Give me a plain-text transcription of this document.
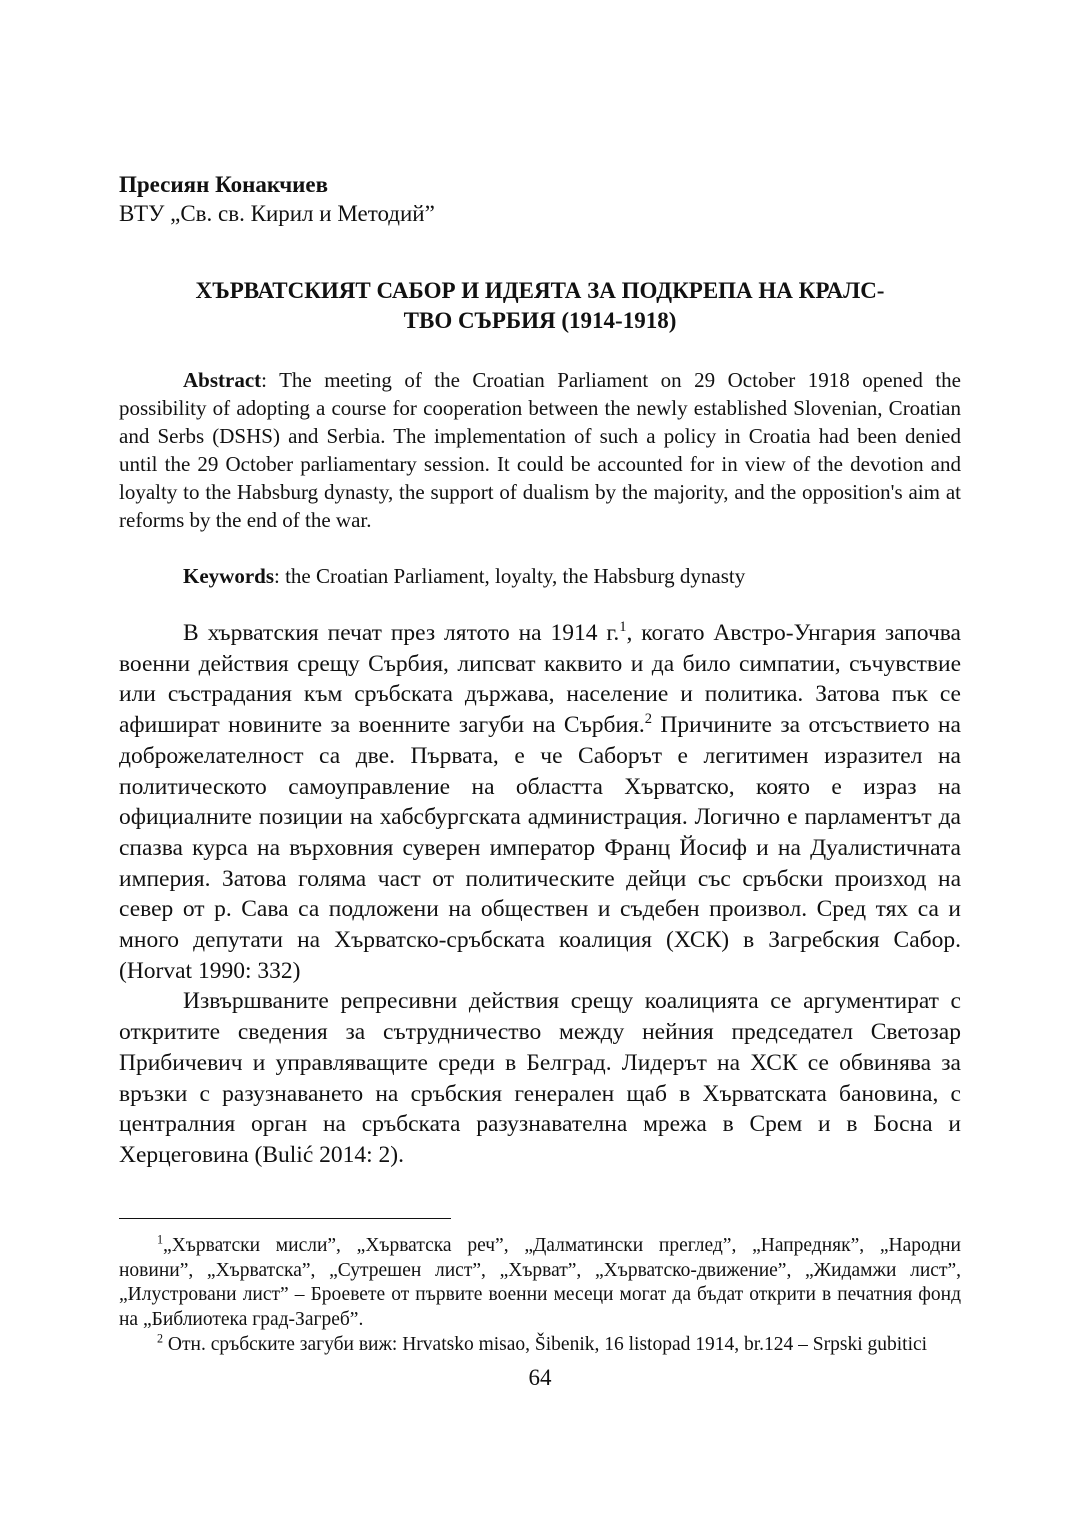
Пресиян Конакчиев
ВТУ „Св. св. Кирил и Методий”
ХЪРВАТСКИЯТ САБОР И ИДЕЯТА ЗА ПОДКРЕПА НА КРАЛС-
ТВО СЪРБИЯ (1914-1918)
Abstract: The meeting of the Croatian Parliament on 29 October 1918 opened the possibility of adopting a course for cooperation between the newly established Slovenian, Croatian and Serbs (DSHS) and Serbia. The implementation of such a policy in Croatia had been denied until the 29 October parliamentary session. It could be accounted for in view of the devotion and loyalty to the Habsburg dynasty, the support of dualism by the majority, and the opposition's aim at reforms by the end of the war.
Keywords: the Croatian Parliament, loyalty, the Habsburg dynasty

В хърватския печат през лятото на 1914 г.$^1$, когато Австро-Унгария започва военни действия срещу Сърбия, липсват каквито и да било симпатии, съчувствие или състрадания към сръбската държава, население и политика. Затова пък се афишират новините за военните загуби на Сърбия.$^2$ Причините за отсъствието на доброжелателност са две. Първата, е че Саборът е легитимен изразител на политическото самоуправление на областта Хърватско, която е израз на официалните позиции на хабсбургската администрация. Логично е парламентът да спазва курса на върховния суверен император Франц Йосиф и на Дуалистичната империя. Затова голяма част от политическите дейци със сръбски произход на север от р. Сава са подложени на обществен и съдебен произвол. Сред тях са и много депутати на Хърватско-сръбската коалиция (ХСК) в Загребския Сабор. (Horvat 1990: 332)

Извършваните репресивни действия срещу коалицията се аргументират с откритите сведения за сътрудничество между нейния председател Светозар Прибичевич и управляващите среди в Белград. Лидерът на ХСК се обвинява за връзки с разузнаването на сръбския генерален щаб в Хърватската бановина, с централния орган на сръбската разузнавателна мрежа в Срем и в Босна и Херцеговина (Bulić 2014: 2).

$^1$„Хърватски мисли”, „Хърватска реч”, „Далматински преглед”, „Напредняк”, „Народни новини”, „Хърватска”, „Сутрешен лист”, „Хърват”, „Хърватско-движение”, „Жидамжи лист”, „Илустровани лист” – Броевете от първите военни месеци могат да бъдат открити в печатния фонд на „Библиотека град-Загреб”.

$^2$ Отн. сръбските загуби виж: Hrvatsko misao, Šibenik, 16 listopad 1914, br.124 – Srpski gubitici

64
